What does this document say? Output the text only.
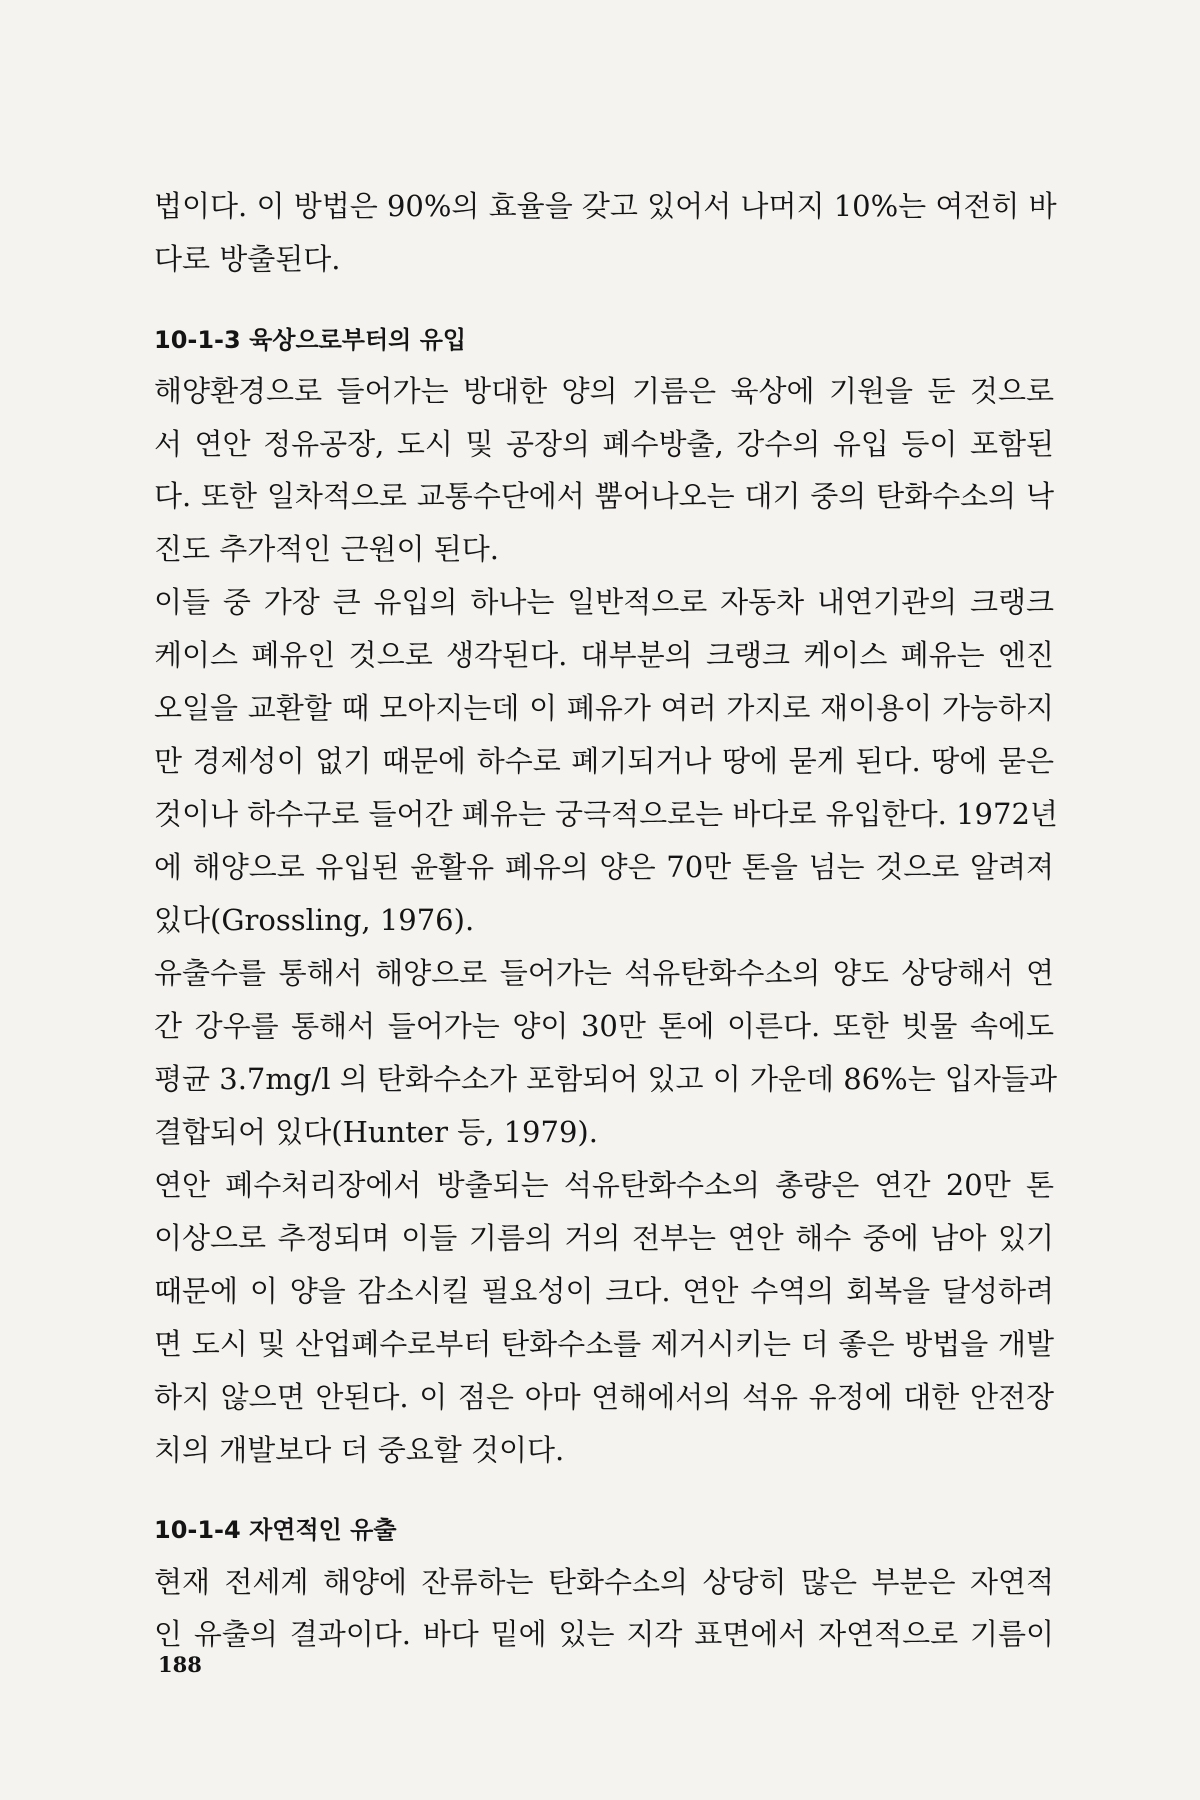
법이다. 이 방법은 90%의 효율을 갖고 있어서 나머지 10%는 여전히 바
다로 방출된다.
10-1-3 육상으로부터의 유입
해양환경으로 들어가는 방대한 양의 기름은 육상에 기원을 둔 것으로
서 연안 정유공장, 도시 및 공장의 폐수방출, 강수의 유입 등이 포함된
다. 또한 일차적으로 교통수단에서 뿜어나오는 대기 중의 탄화수소의 낙
진도 추가적인 근원이 된다.
이들 중 가장 큰 유입의 하나는 일반적으로 자동차 내연기관의 크랭크
케이스 폐유인 것으로 생각된다. 대부분의 크랭크 케이스 폐유는 엔진
오일을 교환할 때 모아지는데 이 폐유가 여러 가지로 재이용이 가능하지
만 경제성이 없기 때문에 하수로 폐기되거나 땅에 묻게 된다. 땅에 묻은
것이나 하수구로 들어간 폐유는 궁극적으로는 바다로 유입한다. 1972년
에 해양으로 유입된 윤활유 폐유의 양은 70만 톤을 넘는 것으로 알려져
있다(Grossling, 1976).
유출수를 통해서 해양으로 들어가는 석유탄화수소의 양도 상당해서 연
간 강우를 통해서 들어가는 양이 30만 톤에 이른다. 또한 빗물 속에도
평균 3.7mg/l 의 탄화수소가 포함되어 있고 이 가운데 86%는 입자들과
결합되어 있다(Hunter 등, 1979).
연안 폐수처리장에서 방출되는 석유탄화수소의 총량은 연간 20만 톤
이상으로 추정되며 이들 기름의 거의 전부는 연안 해수 중에 남아 있기
때문에 이 양을 감소시킬 필요성이 크다. 연안 수역의 회복을 달성하려
면 도시 및 산업폐수로부터 탄화수소를 제거시키는 더 좋은 방법을 개발
하지 않으면 안된다. 이 점은 아마 연해에서의 석유 유정에 대한 안전장
치의 개발보다 더 중요할 것이다.
10-1-4 자연적인 유출
현재 전세계 해양에 잔류하는 탄화수소의 상당히 많은 부분은 자연적
인 유출의 결과이다. 바다 밑에 있는 지각 표면에서 자연적으로 기름이
188
